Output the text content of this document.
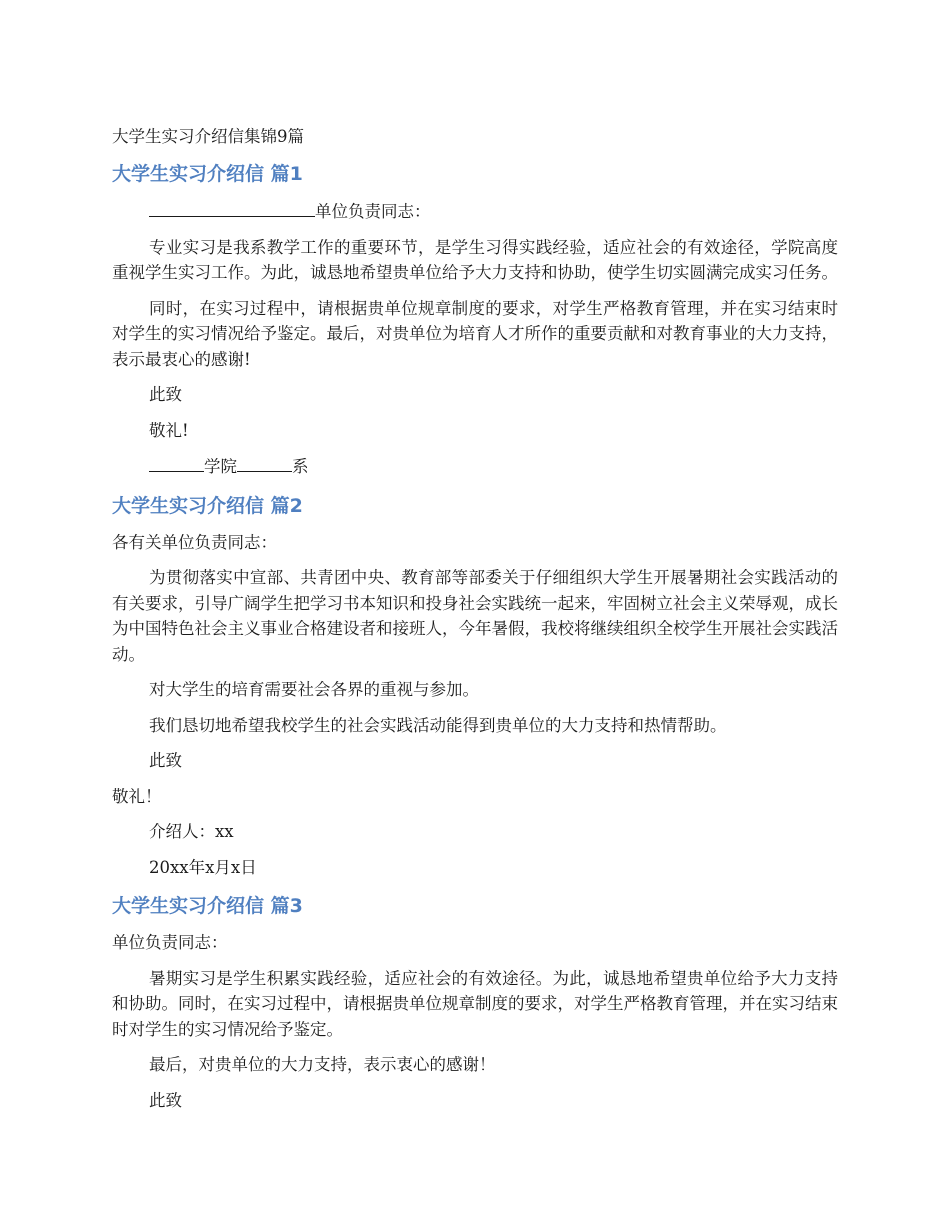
大学生实习介绍信集锦9篇
大学生实习介绍信 篇1

单位负责同志：

专业实习是我系教学工作的重要环节，是学生习得实践经验，适应社会的有效途径，学院高度重视学生实习工作。为此，诚恳地希望贵单位给予大力支持和协助，使学生切实圆满完成实习任务。

同时，在实习过程中，请根据贵单位规章制度的要求，对学生严格教育管理，并在实习结束时对学生的实习情况给予鉴定。最后，对贵单位为培育人才所作的重要贡献和对教育事业的大力支持，表示最衷心的感谢!

此致

敬礼!

学院	系

大学生实习介绍信 篇2

各有关单位负责同志：

为贯彻落实中宣部、共青团中央、教育部等部委关于仔细组织大学生开展暑期社会实践活动的有关要求，引导广阔学生把学习书本知识和投身社会实践统一起来，牢固树立社会主义荣辱观，成长为中国特色社会主义事业合格建设者和接班人，今年暑假，我校将继续组织全校学生开展社会实践活动。

对大学生的培育需要社会各界的重视与参加。

我们恳切地希望我校学生的社会实践活动能得到贵单位的大力支持和热情帮助。

此致

敬礼！

介绍人：xx

20xx年x月x日

大学生实习介绍信 篇3

单位负责同志：

暑期实习是学生积累实践经验，适应社会的有效途径。为此，诚恳地希望贵单位给予大力支持和协助。同时，在实习过程中，请根据贵单位规章制度的要求，对学生严格教育管理，并在实习结束时对学生的实习情况给予鉴定。

最后，对贵单位的大力支持，表示衷心的感谢！

此致
